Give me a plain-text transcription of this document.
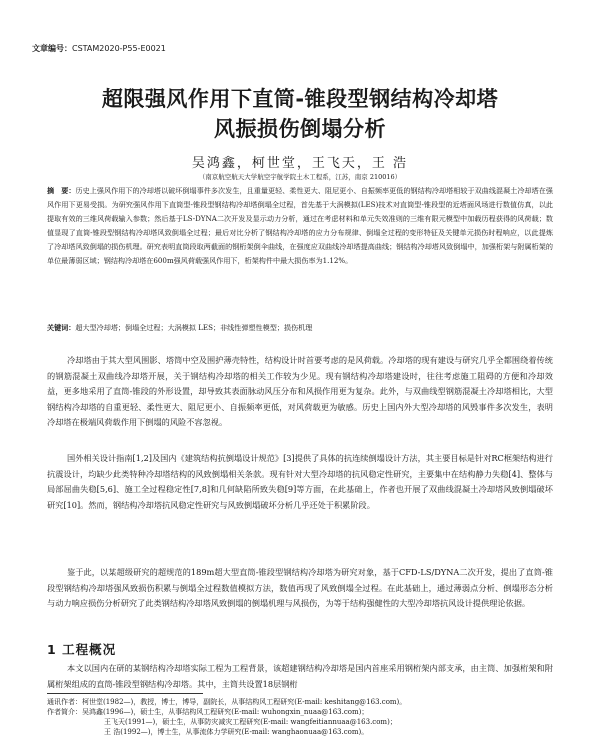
文章编号：CSTAM2020-P55-E0021
超限强风作用下直筒-锥段型钢结构冷却塔
风振损伤倒塌分析
吴鸿鑫，柯世堂，王飞天，王 浩
（南京航空航天大学航空宇航学院土木工程系，江苏，南京 210016）
摘　要：历史上强风作用下的冷却塔以破坏倒塌事件多次发生，且重量更轻、柔性更大、阻尼更小、自振频率更低的钢结构冷却塔相较于双曲线混凝土冷却塔在强风作用下更易受损。为研究强风作用下直筒型-锥段型钢结构冷却塔倒塌全过程，首先基于大涡模拟(LES)技术对直筒型-锥段型的近塔面风场进行数值仿真，以此提取有效的三维风荷载输入参数；然后基于LS-DYNA二次开发及显示动力分析，通过在考虑材料和单元失效准则的三维有限元模型中加载历程获得的风荷载；数值显现了直筒-锥段型钢结构冷却塔风致倒塌全过程；最后对比分析了钢结构冷却塔的应力分布规律、倒塌全过程的变形特征及关键单元损伤时程响应，以此提炼了冷却塔风致倒塌的损伤机理。研究表明直筒段取两截面的钢桁架倒伞曲线，在强度应双曲线冷却塔提高曲线；钢结构冷却塔风致倒塌中，加强桁架与附属桁架的单位最薄弱区域；钢结构冷却塔在600m强风荷载强风作用下，桁架构件中最大损伤率为1.12%。
关键词：超大型冷却塔；倒塌全过程；大涡模拟 LES；非线性弹塑性模型；损伤机理
冷却塔由于其大型风围影、塔筒中空及围护薄壳特性，结构设计时首要考虑的是风荷载。冷却塔的现有建设与研究几乎全都围绕着传统的钢筋混凝土双曲线冷却塔开展，关于钢结构冷却塔的相关工作较为少见。现有钢结构冷却塔建设时，往往考虑施工阻碍的方便和冷却效益，更多地采用了直筒-锥段的外形设置，却导致其表面脉动风压分布和风损作用更为复杂。此外，与双曲线型钢筋混凝土冷却塔相比，大型钢结构冷却塔的自重更轻、柔性更大、阻尼更小、自振频率更低，对风荷载更为敏感。历史上国内外大型冷却塔的风毁事件多次发生，表明冷却塔在极端风荷载作用下倒塌的风险不容忽视。
国外相关设计指南[1,2]及国内《建筑结构抗倒塌设计规范》[3]提供了具体的抗连续倒塌设计方法，其主要目标是针对RC框架结构进行抗震设计，均缺少此类特种冷却塔结构的风致倒塌相关条款。现有针对大型冷却塔的抗风稳定性研究，主要集中在结构静力失稳[4]、整体与局部屈曲失稳[5,6]、施工全过程稳定性[7,8]和几何缺陷所致失稳[9]等方面，在此基础上，作者也开展了双曲线混凝土冷却塔风致倒塌破坏研究[10]。然而，钢结构冷却塔抗风稳定性研究与风致倒塌破坏分析几乎还处于积累阶段。
鉴于此，以某超级研究的超规范的189m超大型直筒-锥段型钢结构冷却塔为研究对象，基于CFD-LS/DYNA二次开发，提出了直筒-锥段型钢结构冷却塔强风致损伤积累与倒塌全过程数值模拟方法，数值再现了风致倒塌全过程。在此基础上，通过薄弱点分析、倒塌形态分析与动力响应损伤分析研究了此类钢结构冷却塔风致倒塌的倒塌机理与风损伤，为等于结构强健性的大型冷却塔抗风设计提供理论依据。
1 工程概况
本文以国内在研的某钢结构冷却塔实际工程为工程背景，该超建钢结构冷却塔是国内首座采用钢桁架内部支承，由主筒、加强桁架和附属桁架组成的直筒-锥段型钢结构冷却塔。其中，主筒共设置18层钢桁
通讯作者：柯世堂(1982—)，教授，博士，博导，副院长，从事结构风工程研究(E-mail: keshitang@163.com)。
作者简介：吴鸿鑫(1996—)，硕士生，从事结构风工程研究(E-mail: wuhongxin_nuaa@163.com)；
王飞天(1991—)，硕士生，从事防灾减灾工程研究(E-mail: wangfeitiannuaa@163.com)；
王 浩(1992—)，博士生，从事流体力学研究(E-mail: wanghaonuaa@163.com)。
